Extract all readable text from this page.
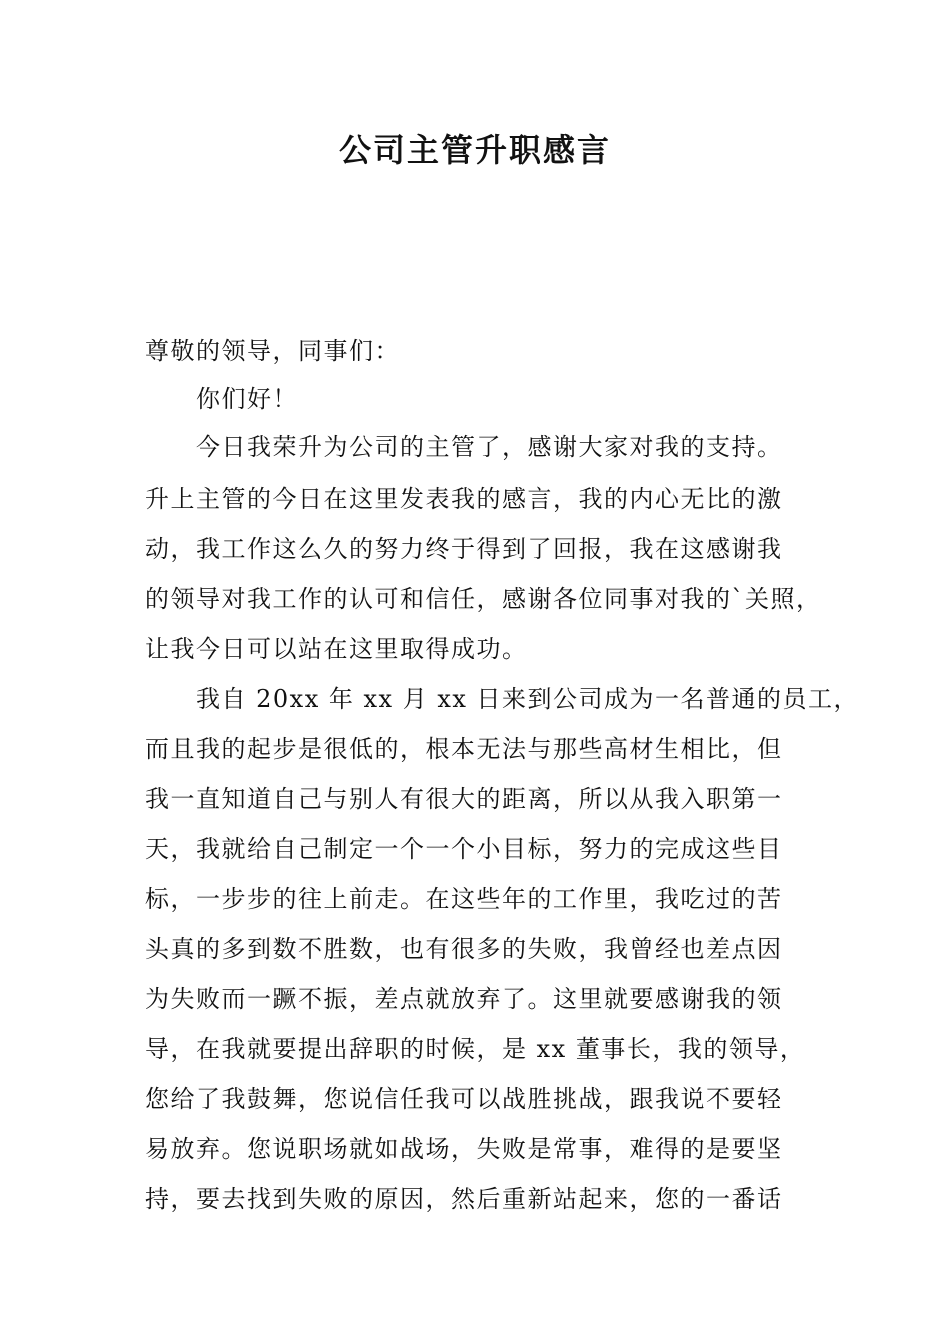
公司主管升职感言
尊敬的领导，同事们：
你们好！
今日我荣升为公司的主管了，感谢大家对我的支持。
升上主管的今日在这里发表我的感言，我的内心无比的激
动，我工作这么久的努力终于得到了回报，我在这感谢我
的领导对我工作的认可和信任，感谢各位同事对我的`关照，
让我今日可以站在这里取得成功。
我自 20xx 年 xx 月 xx 日来到公司成为一名普通的员工，
而且我的起步是很低的，根本无法与那些高材生相比，但
我一直知道自己与别人有很大的距离，所以从我入职第一
天，我就给自己制定一个一个小目标，努力的完成这些目
标，一步步的往上前走。在这些年的工作里，我吃过的苦
头真的多到数不胜数，也有很多的失败，我曾经也差点因
为失败而一蹶不振，差点就放弃了。这里就要感谢我的领
导，在我就要提出辞职的时候，是 xx 董事长，我的领导，
您给了我鼓舞，您说信任我可以战胜挑战，跟我说不要轻
易放弃。您说职场就如战场，失败是常事，难得的是要坚
持，要去找到失败的原因，然后重新站起来，您的一番话
